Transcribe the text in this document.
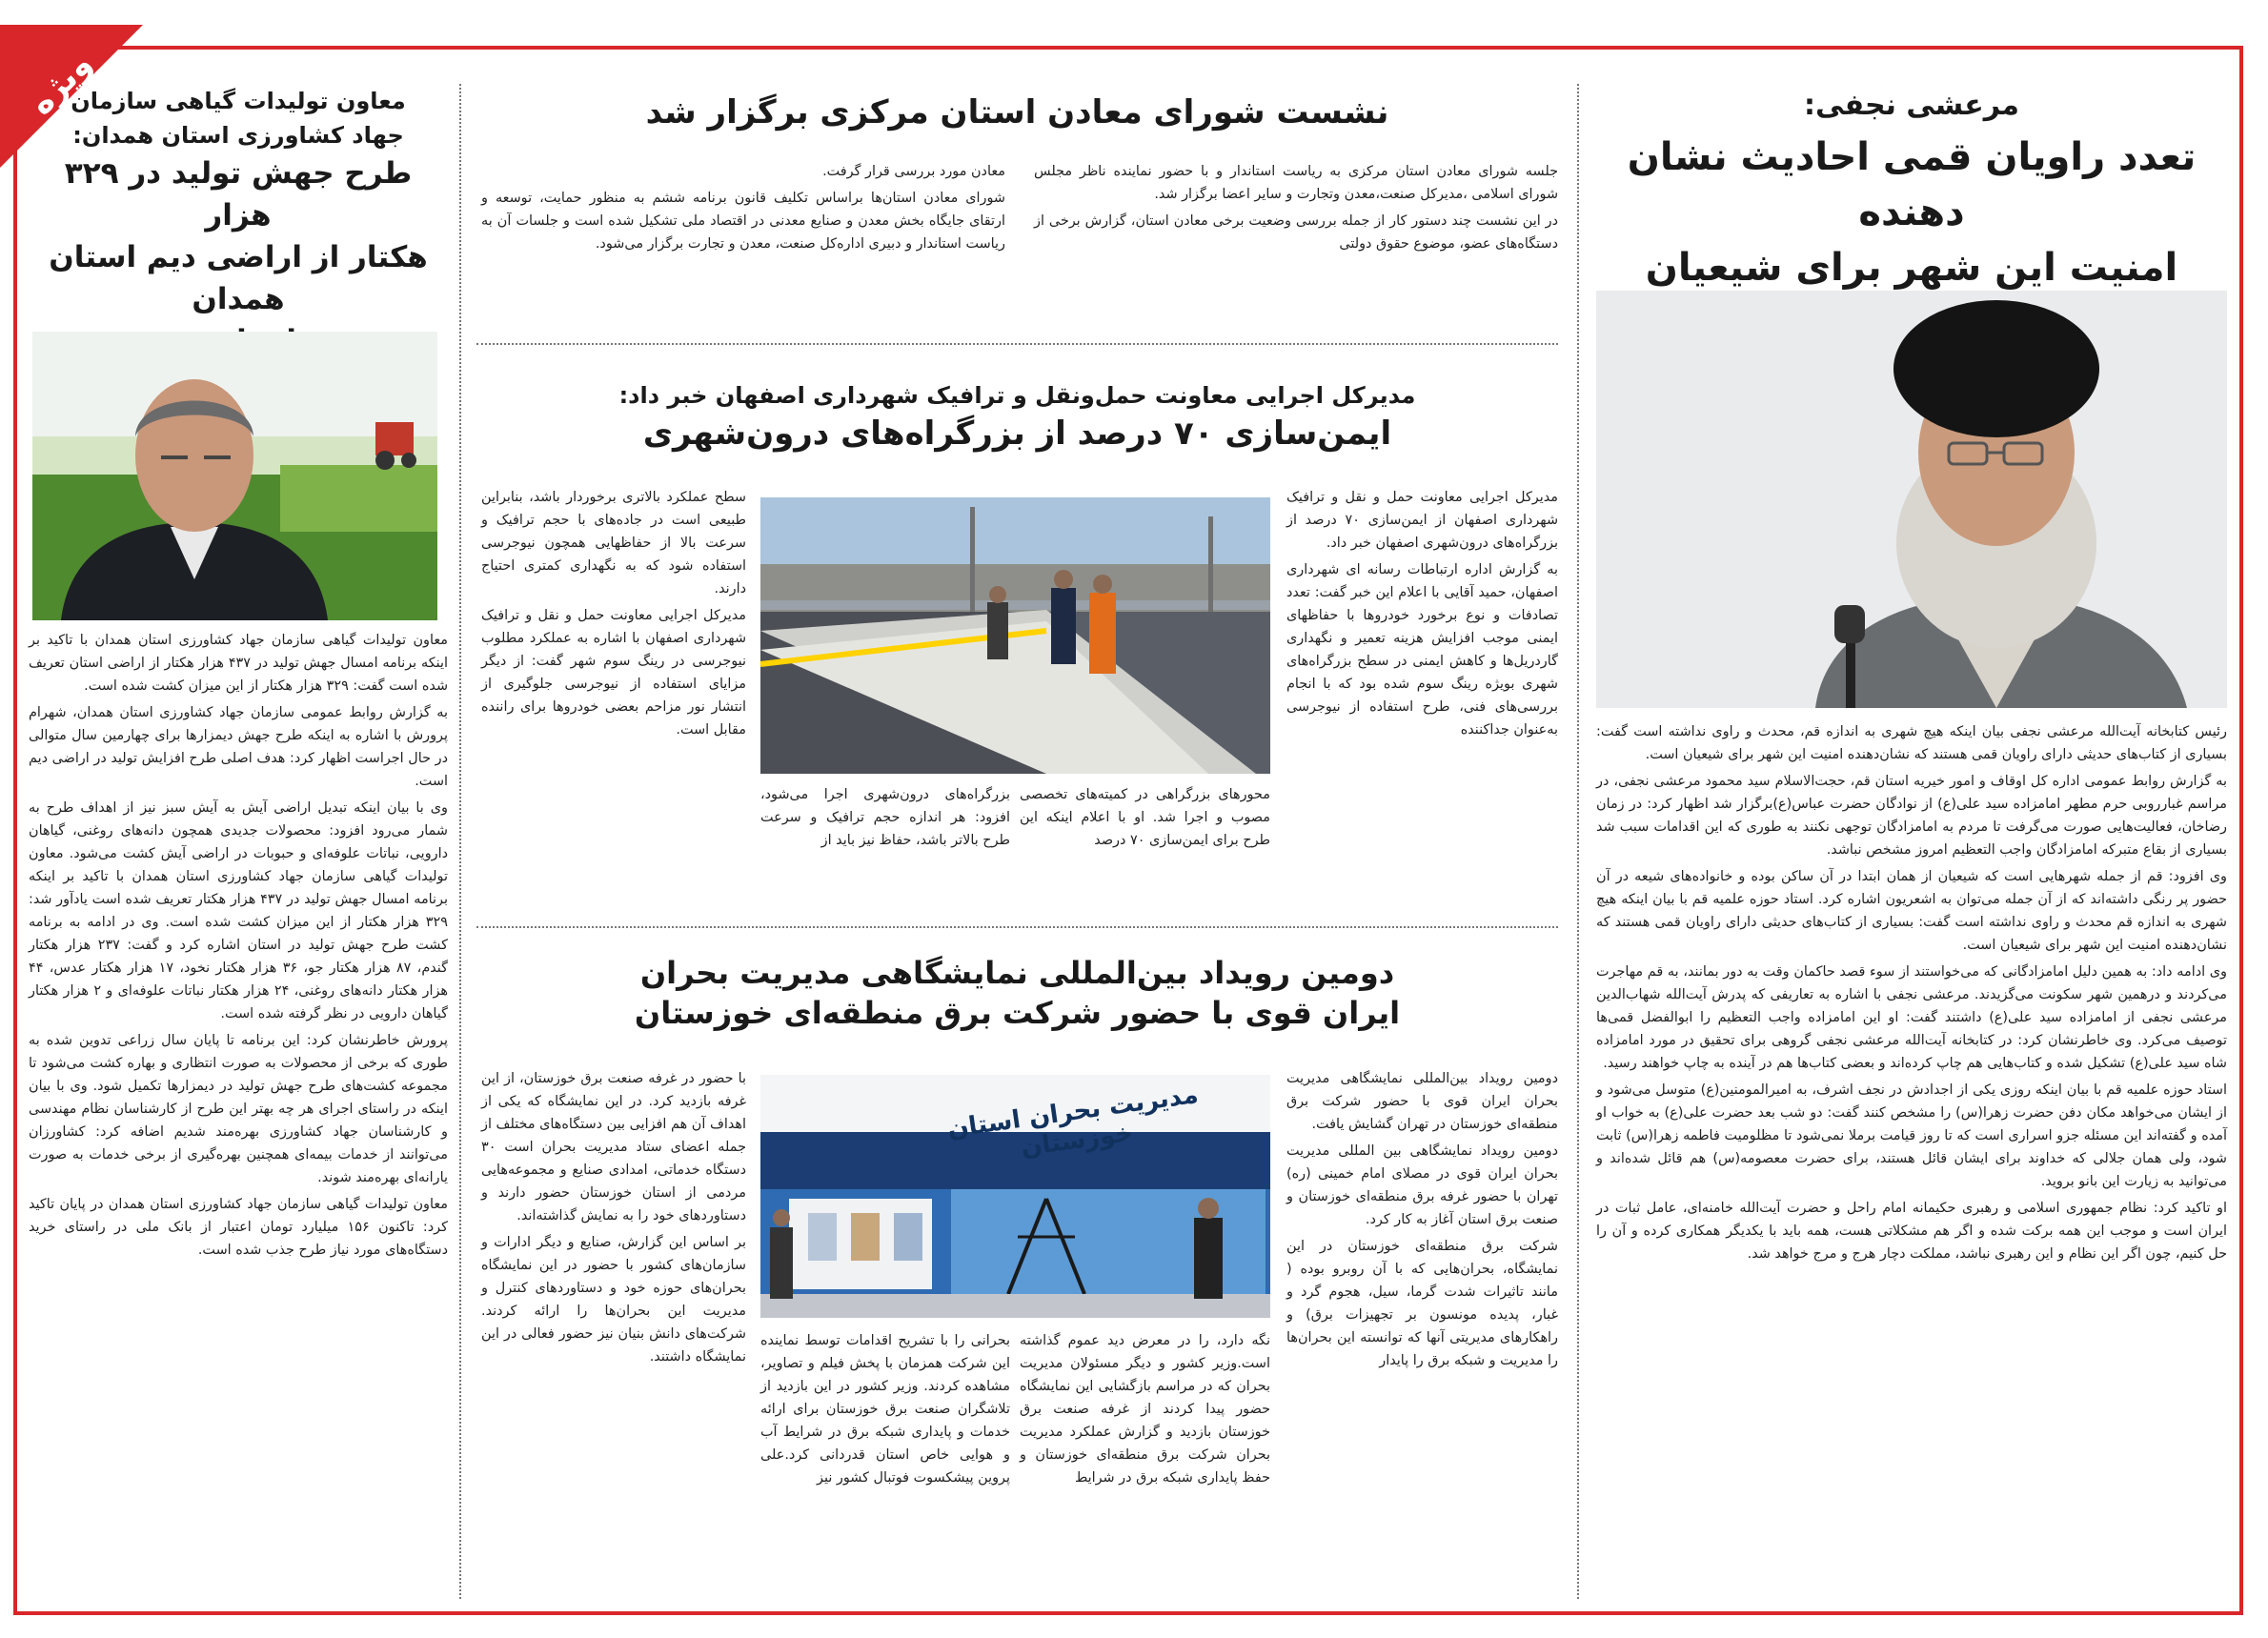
ویژه	مرعشی نجفی:
تعدد راویان قمی احادیث نشان دهنده
امنیت این شهر برای شیعیان

رئیس کتابخانه آیت‌الله مرعشی نجفی بیان اینکه هیچ شهری به اندازه قم، محدث و راوی نداشته است گفت: بسیاری از کتاب‌های حدیثی دارای راویان قمی هستند که نشان‌دهنده امنیت این شهر برای شیعیان است.

به گزارش روابط عمومی اداره کل اوقاف و امور خیریه استان قم، حجت‌الاسلام سید محمود مرعشی نجفی، در مراسم غبارروبی حرم مطهر امامزاده سید علی(ع) از نوادگان حضرت عباس(ع)برگزار شد اظهار کرد: در زمان رضاخان، فعالیت‌هایی صورت می‌گرفت تا مردم به امامزادگان توجهی نکنند به طوری که این اقدامات سبب شد بسیاری از بقاع متبرکه امامزادگان واجب التعظیم امروز مشخص نباشد.

وی افزود: قم از جمله شهرهایی است که شیعیان از همان ابتدا در آن ساکن بوده و خانواده‌های شیعه در آن حضور پر رنگی داشته‌اند که از آن جمله می‌توان به اشعریون اشاره کرد. استاد حوزه علمیه قم با بیان اینکه هیچ شهری به اندازه قم محدث و راوی نداشته است گفت: بسیاری از کتاب‌های حدیثی دارای راویان قمی هستند که نشان‌دهنده امنیت این شهر برای شیعیان است.

وی ادامه داد: به همین دلیل امامزادگانی که می‌خواستند از سوء قصد حاکمان وقت به دور بمانند، به قم مهاجرت می‌کردند و درهمین شهر سکونت می‌گزیدند. مرعشی نجفی با اشاره به تعاریفی که پدرش آیت‌الله شهاب‌الدین مرعشی نجفی از امامزاده سید علی(ع) داشتند گفت: او این امامزاده واجب التعظیم را ابوالفضل قمی‌ها توصیف می‌کرد. وی خاطرنشان کرد: در کتابخانه آیت‌الله مرعشی نجفی گروهی برای تحقیق در مورد امامزاده شاه سید علی(ع) تشکیل شده و کتاب‌هایی هم چاپ کرده‌اند و بعضی کتاب‌ها هم در آینده به چاپ خواهند رسید.

استاد حوزه علمیه قم با بیان اینکه روزی یکی از اجدادش در نجف اشرف، به امیرالمومنین(ع) متوسل می‌شود و از ایشان می‌خواهد مکان دفن حضرت زهرا(س) را مشخص کنند گفت: دو شب بعد حضرت علی(ع) به خواب او آمده و گفته‌اند این مسئله جزو اسراری است که تا روز قیامت برملا نمی‌شود تا مظلومیت فاطمه زهرا(س) ثابت شود، ولی همان جلالی که خداوند برای ایشان قائل هستند، برای حضرت معصومه(س) هم قائل شده‌اند و می‌توانید به زیارت این بانو بروید.

او تاکید کرد: نظام جمهوری اسلامی و رهبری حکیمانه امام راحل و حضرت آیت‌الله خامنه‌ای، عامل ثبات در ایران است و موجب این همه برکت شده و اگر هم مشکلاتی هست، همه باید با یکدیگر همکاری کرده و آن را حل کنیم، چون اگر این نظام و این رهبری نباشد، مملکت دچار هرج و مرج خواهد شد.

نشست شورای معادن استان مرکزی برگزار شد

جلسه شورای معادن استان مرکزی به ریاست استاندار و با حضور نماینده ناظر مجلس شورای اسلامی ،مدیرکل صنعت،معدن وتجارت و سایر اعضا برگزار شد.

در این نشست چند دستور کار از جمله بررسی وضعیت برخی معادن استان، گزارش برخی از دستگاه‌های عضو، موضوع حقوق دولتی

معادن مورد بررسی قرار گرفت.

شورای معادن استان‌ها براساس تکلیف قانون برنامه ششم به منظور حمایت، توسعه و ارتقای جایگاه بخش معدن و صنایع معدنی در اقتصاد ملی تشکیل شده است و جلسات آن به ریاست استاندار و دبیری اداره‌کل صنعت، معدن و تجارت برگزار می‌شود.

مدیرکل اجرایی معاونت حمل‌ونقل و ترافیک شهرداری اصفهان خبر داد:
ایمن‌سازی ۷۰ درصد از بزرگراه‌های درون‌شهری

مدیرکل اجرایی معاونت حمل و نقل و ترافیک شهرداری اصفهان از ایمن‌سازی ۷۰ درصد از بزرگراه‌های درون‌شهری اصفهان خبر داد.

به گزارش اداره ارتباطات رسانه ای شهرداری اصفهان، حمید آقایی با اعلام این خبر گفت: تعدد تصادفات و نوع برخورد خودروها با حفاظهای ایمنی موجب افزایش هزینه تعمیر و نگهداری گاردریل‌ها و کاهش ایمنی در سطح بزرگراه‌های شهری بویژه رینگ سوم شده بود که با انجام بررسی‌های فنی، طرح استفاده از نیوجرسی به‌عنوان جداکننده

محورهای بزرگراهی در کمیته‌های تخصصی مصوب و اجرا شد. او با اعلام اینکه این طرح برای ایمن‌سازی ۷۰ درصد

بزرگراه‌های درون‌شهری اجرا می‌شود، افزود: هر اندازه حجم ترافیک و سرعت طرح بالاتر باشد، حفاظ نیز باید از

سطح عملکرد بالاتری برخوردار باشد، بنابراین طبیعی است در جاده‌های با حجم ترافیک و سرعت بالا از حفاظهایی همچون نیوجرسی استفاده شود که به نگهداری کمتری احتیاج دارند.

مدیرکل اجرایی معاونت حمل و نقل و ترافیک شهرداری اصفهان با اشاره به عملکرد مطلوب نیوجرسی در رینگ سوم شهر گفت: از دیگر مزایای استفاده از نیوجرسی جلوگیری از انتشار نور مزاحم بعضی خودروها برای راننده مقابل است.

دومین رویداد بین‌المللی نمایشگاهی مدیریت بحران
ایران قوی با حضور شرکت برق منطقه‌ای خوزستان

دومین رویداد بین‌المللی نمایشگاهی مدیریت بحران ایران قوی با حضور شرکت برق منطقه‌ای خوزستان در تهران گشایش یافت.

دومین رویداد نمایشگاهی بین المللی مدیریت بحران ایران قوی در مصلای امام خمینی (ره) تهران با حضور غرفه برق منطقه‌ای خوزستان و صنعت برق استان آغاز به کار کرد.

شرکت برق منطقه‌ای خوزستان در این نمایشگاه، بحران‌هایی که با آن روبرو بوده ( مانند تاثیرات شدت گرما، سیل، هجوم گرد و غبار، پدیده مونسون بر تجهیزات برق) و راهکارهای مدیریتی آنها که توانسته این بحران‌ها را مدیریت و شبکه برق را پایدار

مدیریت بحران استان خوزستان

نگه دارد، را در معرض دید عموم گذاشته است.وزیر کشور و دیگر مسئولان مدیریت بحران که در مراسم بازگشایی این نمایشگاه حضور پیدا کردند از غرفه صنعت برق خوزستان بازدید و گزارش عملکرد مدیریت بحران شرکت برق منطقه‌ای خوزستان و حفظ پایداری شبکه برق در شرایط

بحرانی را با تشریح اقدامات توسط نماینده این شرکت همزمان با پخش فیلم و تصاویر، مشاهده کردند. وزیر کشور در این بازدید از تلاشگران صنعت برق خوزستان برای ارائه خدمات و پایداری شبکه برق در شرایط آب و هوایی خاص استان قدردانی کرد.علی پروین پیشکسوت فوتبال کشور نیز

با حضور در غرفه صنعت برق خوزستان، از این غرفه بازدید کرد. در این نمایشگاه که یکی از اهداف آن هم افزایی بین دستگاه‌های مختلف از جمله اعضای ستاد مدیریت بحران است ۳۰ دستگاه خدماتی، امدادی صنایع و مجموعه‌هایی مردمی از استان خوزستان حضور دارند و دستاوردهای خود را به نمایش گذاشته‌اند.

بر اساس این گزارش، صنایع و دیگر ادارات و سازمان‌های کشور با حضور در این نمایشگاه بحران‌های حوزه خود و دستاوردهای کنترل و مدیریت این بحران‌ها را ارائه کردند. شرکت‌های دانش بنیان نیز حضور فعالی در این نمایشگاه داشتند.

معاون تولیدات گیاهی سازمان
جهاد کشاورزی استان همدان:
طرح جهش تولید در ۳۲۹ هزار
هکتار از اراضی دیم استان همدان

معاون تولیدات گیاهی سازمان جهاد کشاورزی استان همدان با تاکید بر اینکه برنامه امسال جهش تولید در ۴۳۷ هزار هکتار از اراضی استان تعریف شده است گفت: ۳۲۹ هزار هکتار از این میزان کشت شده است.

به گزارش روابط عمومی سازمان جهاد کشاورزی استان همدان، شهرام پرورش با اشاره به اینکه طرح جهش دیمزارها برای چهارمین سال متوالی در حال اجراست اظهار کرد: هدف اصلی طرح افزایش تولید در اراضی دیم است.

وی با بیان اینکه تبدیل اراضی آیش به آیش سبز نیز از اهداف طرح به شمار می‌رود افزود: محصولات جدیدی همچون دانه‌های روغنی، گیاهان دارویی، نباتات علوفه‌ای و حبوبات در اراضی آیش کشت می‌شود. معاون تولیدات گیاهی سازمان جهاد کشاورزی استان همدان با تاکید بر اینکه برنامه امسال جهش تولید در ۴۳۷ هزار هکتار تعریف شده است یادآور شد: ۳۲۹ هزار هکتار از این میزان کشت شده است. وی در ادامه به برنامه کشت طرح جهش تولید در استان اشاره کرد و گفت: ۲۳۷ هزار هکتار گندم، ۸۷ هزار هکتار جو، ۳۶ هزار هکتار نخود، ۱۷ هزار هکتار عدس، ۴۴ هزار هکتار دانه‌های روغنی، ۲۴ هزار هکتار نباتات علوفه‌ای و ۲ هزار هکتار گیاهان دارویی در نظر گرفته شده است.

پرورش خاطرنشان کرد: این برنامه تا پایان سال زراعی تدوین شده به طوری که برخی از محصولات به صورت انتظاری و بهاره کشت می‌شود تا مجموعه کشت‌های طرح جهش تولید در دیمزارها تکمیل شود. وی با بیان اینکه در راستای اجرای هر چه بهتر این طرح از کارشناسان نظام مهندسی و کارشناسان جهاد کشاورزی بهره‌مند شدیم اضافه کرد: کشاورزان می‌توانند از خدمات بیمه‌ای همچنین بهره‌گیری از برخی خدمات به صورت یارانه‌ای بهره‌مند شوند.

معاون تولیدات گیاهی سازمان جهاد کشاورزی استان همدان در پایان تاکید کرد: تاکنون ۱۵۶ میلیارد تومان اعتبار از بانک ملی در راستای خرید دستگاه‌های مورد نیاز طرح جذب شده است.
